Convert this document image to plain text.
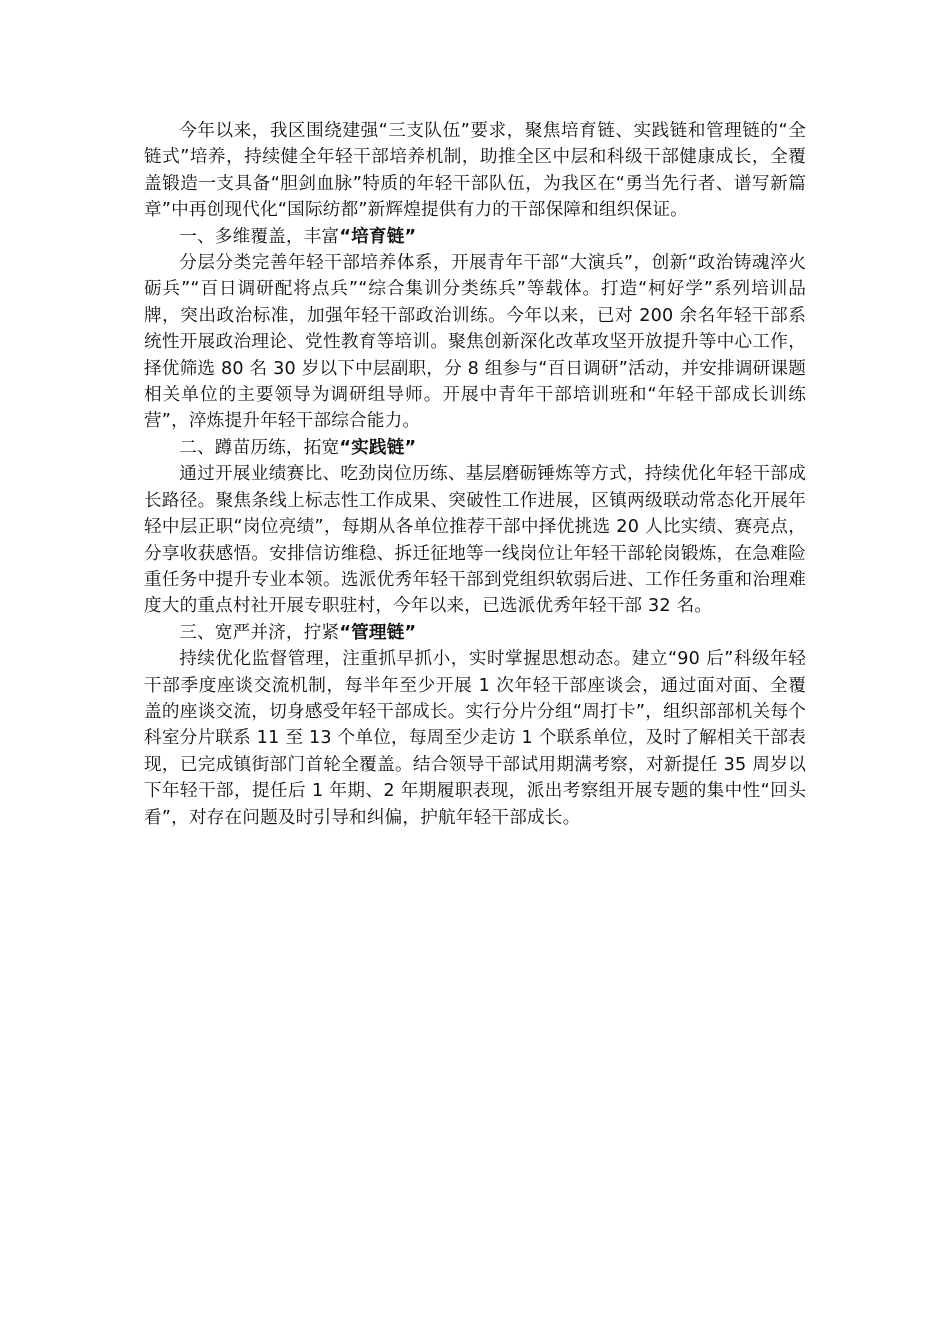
今年以来，我区围绕建强“三支队伍”要求，聚焦培育链、实践链和管理链的“全链式”培养，持续健全年轻干部培养机制，助推全区中层和科级干部健康成长，全覆盖锻造一支具备“胆剑血脉”特质的年轻干部队伍，为我区在“勇当先行者、谱写新篇章”中再创现代化“国际纺都”新辉煌提供有力的干部保障和组织保证。

一、多维覆盖，丰富“培育链”

分层分类完善年轻干部培养体系，开展青年干部“大演兵”，创新“政治铸魂淬火砺兵”“百日调研配将点兵”“综合集训分类练兵”等载体。打造“柯好学”系列培训品牌，突出政治标准，加强年轻干部政治训练。今年以来，已对 200 余名年轻干部系统性开展政治理论、党性教育等培训。聚焦创新深化改革攻坚开放提升等中心工作，择优筛选 80 名 30 岁以下中层副职，分 8 组参与“百日调研”活动，并安排调研课题相关单位的主要领导为调研组导师。开展中青年干部培训班和“年轻干部成长训练营”，淬炼提升年轻干部综合能力。

二、蹲苗历练，拓宽“实践链”

通过开展业绩赛比、吃劲岗位历练、基层磨砺锤炼等方式，持续优化年轻干部成长路径。聚焦条线上标志性工作成果、突破性工作进展，区镇两级联动常态化开展年轻中层正职“岗位亮绩”，每期从各单位推荐干部中择优挑选 20 人比实绩、赛亮点，分享收获感悟。安排信访维稳、拆迁征地等一线岗位让年轻干部轮岗锻炼，在急难险重任务中提升专业本领。选派优秀年轻干部到党组织软弱后进、工作任务重和治理难度大的重点村社开展专职驻村，今年以来，已选派优秀年轻干部 32 名。

三、宽严并济，拧紧“管理链”

持续优化监督管理，注重抓早抓小，实时掌握思想动态。建立“90 后”科级年轻干部季度座谈交流机制，每半年至少开展 1 次年轻干部座谈会，通过面对面、全覆盖的座谈交流，切身感受年轻干部成长。实行分片分组“周打卡”，组织部部机关每个科室分片联系 11 至 13 个单位，每周至少走访 1 个联系单位，及时了解相关干部表现，已完成镇街部门首轮全覆盖。结合领导干部试用期满考察，对新提任 35 周岁以下年轻干部，提任后 1 年期、2 年期履职表现，派出考察组开展专题的集中性“回头看”，对存在问题及时引导和纠偏，护航年轻干部成长。
